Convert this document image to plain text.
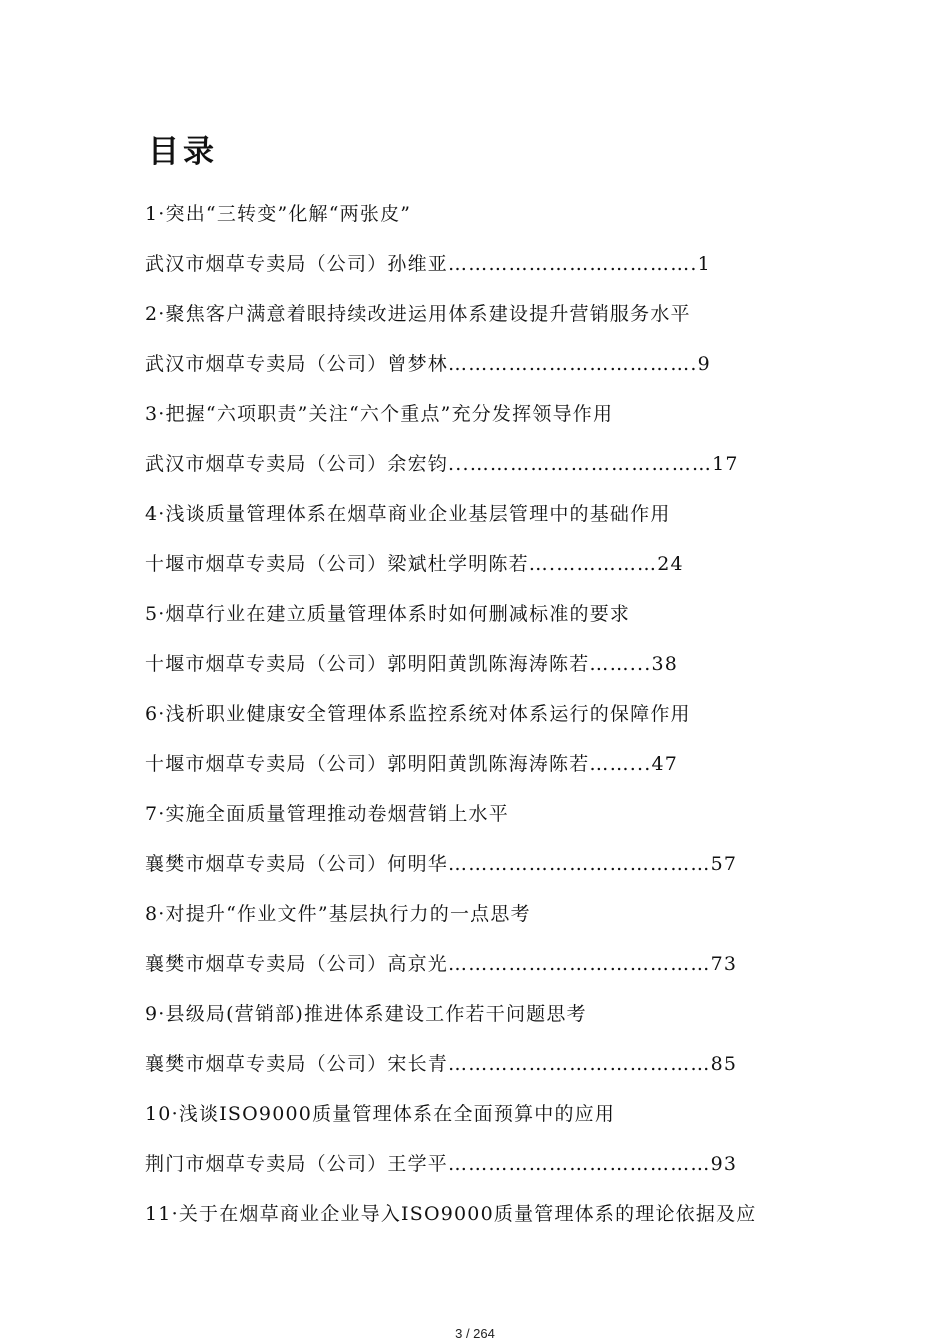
目录
1·突出“三转变”化解“两张皮”
武汉市烟草专卖局（公司）孙维亚……………………………….1
2·聚焦客户满意着眼持续改进运用体系建设提升营销服务水平
武汉市烟草专卖局（公司）曾梦林……………………………….9
3·把握“六项职责”关注“六个重点”充分发挥领导作用
武汉市烟草专卖局（公司）余宏钧...………………………………17
4·浅谈质量管理体系在烟草商业企业基层管理中的基础作用
十堰市烟草专卖局（公司）梁斌杜学明陈若….……………24
5·烟草行业在建立质量管理体系时如何删减标准的要求
十堰市烟草专卖局（公司）郭明阳黄凯陈海涛陈若……...38
6·浅析职业健康安全管理体系监控系统对体系运行的保障作用
十堰市烟草专卖局（公司）郭明阳黄凯陈海涛陈若……...47
7·实施全面质量管理推动卷烟营销上水平
襄樊市烟草专卖局（公司）何明华…………………………………57
8·对提升“作业文件”基层执行力的一点思考
襄樊市烟草专卖局（公司）高京光…………………………………73
9·县级局(营销部)推进体系建设工作若干问题思考
襄樊市烟草专卖局（公司）宋长青…………………………………85
10·浅谈ISO9000质量管理体系在全面预算中的应用
荆门市烟草专卖局（公司）王学平…………………………………93
11·关于在烟草商业企业导入ISO9000质量管理体系的理论依据及应
3 / 264
